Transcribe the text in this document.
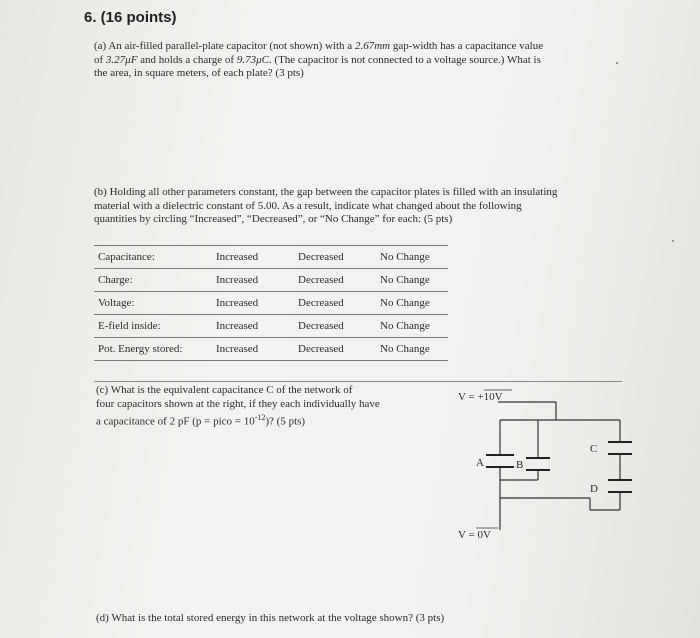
6. (16 points)
(a) An air-filled parallel-plate capacitor (not shown) with a 2.67mm gap-width has a capacitance value
of 3.27μF and holds a charge of 9.73μC. (The capacitor is not connected to a voltage source.) What is
the area, in square meters, of each plate? (3 pts)
(b) Holding all other parameters constant, the gap between the capacitor plates is filled with an insulating
material with a dielectric constant of 5.00. As a result, indicate what changed about the following
quantities by circling “Increased”, “Decreased”, or “No Change” for each: (5 pts)
Capacitance:	Increased	Decreased	No Change
Charge:	Increased	Decreased	No Change
Voltage:	Increased	Decreased	No Change
E-field inside:	Increased	Decreased	No Change
Pot. Energy stored:	Increased	Decreased	No Change
(c) What is the equivalent capacitance C of the network of
four capacitors shown at the right, if they each individually have
a capacitance of 2 pF (p = pico = $10^{-12}$)? (5 pts)
V = +10V
V = 0V
A	B
C
D
(d) What is the total stored energy in this network at the voltage shown? (3 pts)
